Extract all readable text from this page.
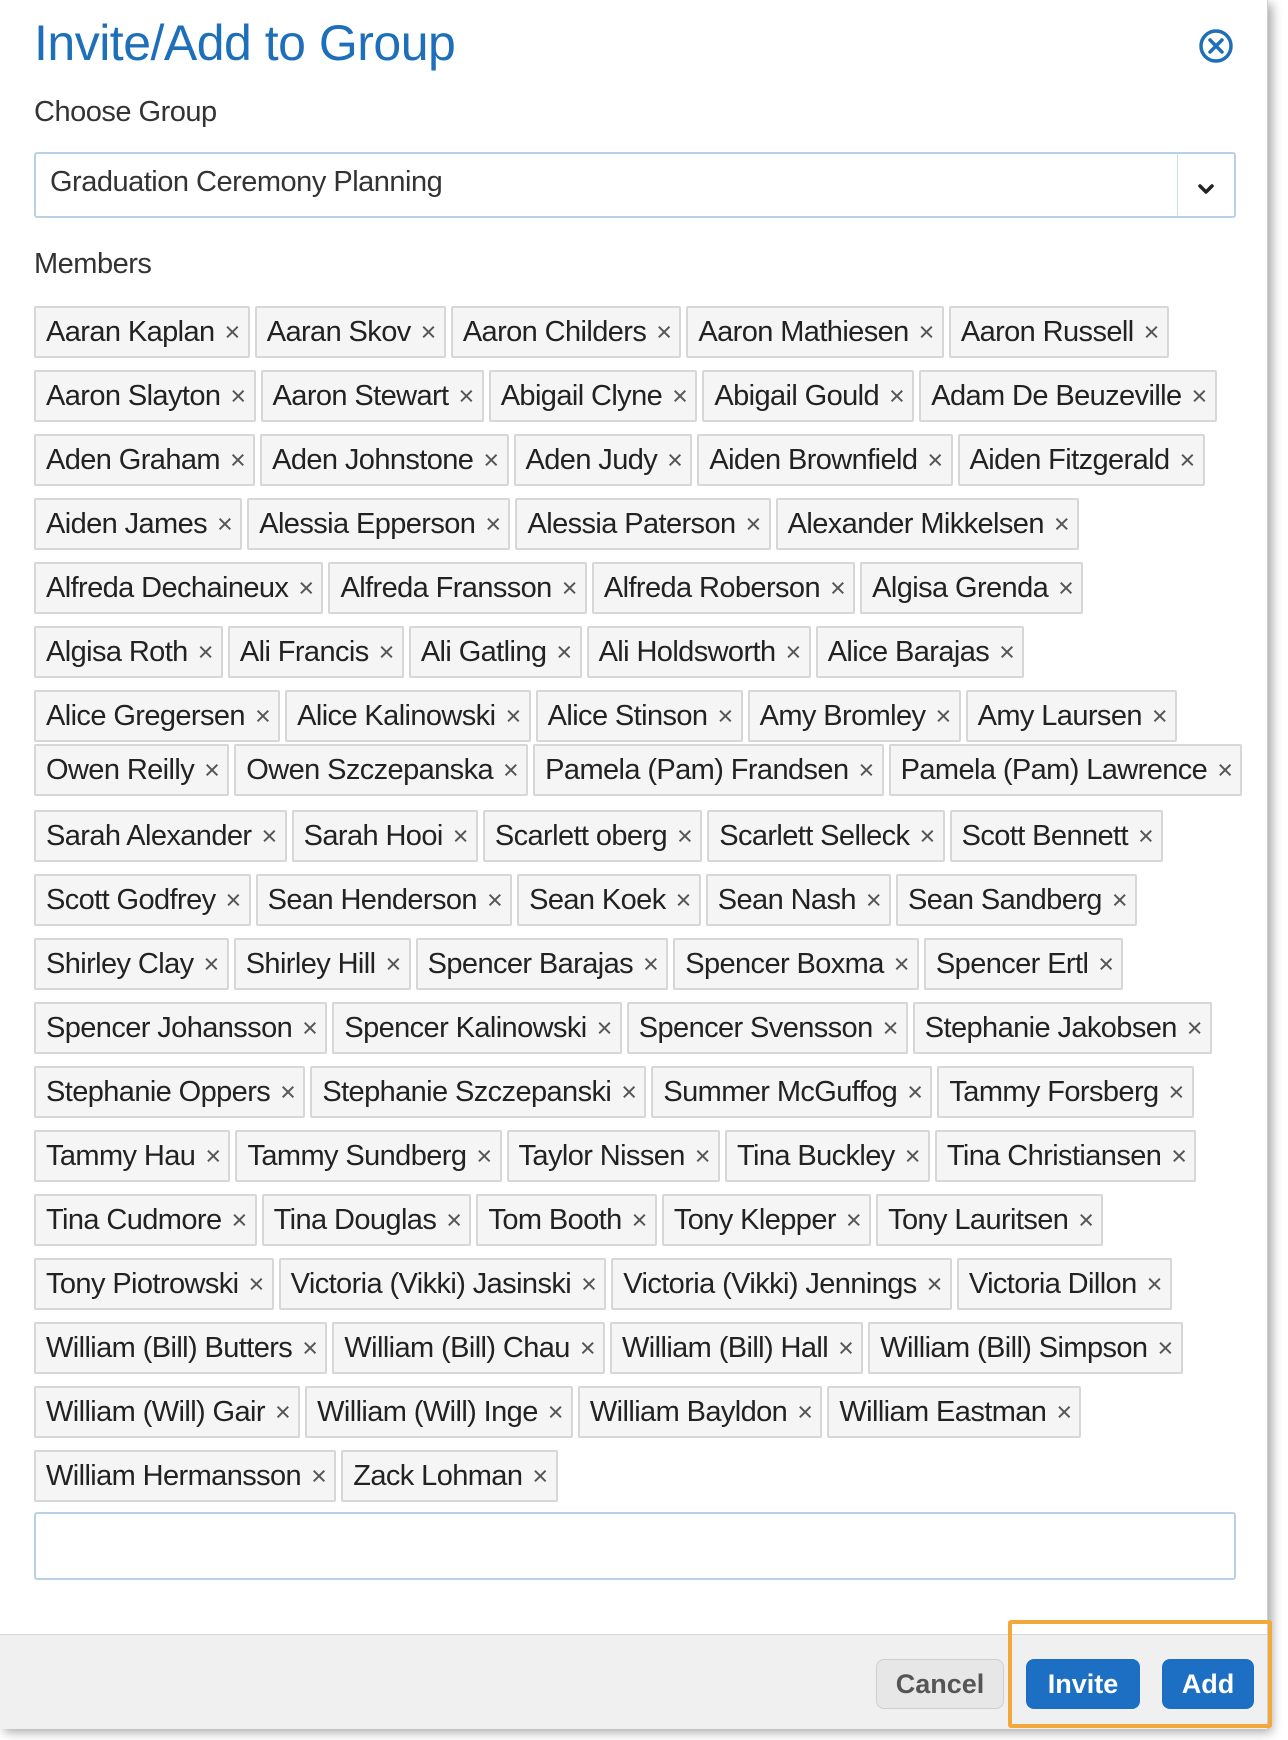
Invite/Add to Group
Choose Group
Graduation Ceremony Planning
Members
Aaran Kaplan × Aaran Skov × Aaron Childers × Aaron Mathiesen × Aaron Russell ×
Aaron Slayton × Aaron Stewart × Abigail Clyne × Abigail Gould × Adam De Beuzeville ×
Aden Graham × Aden Johnstone × Aden Judy × Aiden Brownfield × Aiden Fitzgerald ×
Aiden James × Alessia Epperson × Alessia Paterson × Alexander Mikkelsen ×
Alfreda Dechaineux × Alfreda Fransson × Alfreda Roberson × Algisa Grenda ×
Algisa Roth × Ali Francis × Ali Gatling × Ali Holdsworth × Alice Barajas ×
Alice Gregersen × Alice Kalinowski × Alice Stinson × Amy Bromley × Amy Laursen ×
Owen Reilly × Owen Szczepanska × Pamela (Pam) Frandsen × Pamela (Pam) Lawrence ×
Sarah Alexander × Sarah Hooi × Scarlett oberg × Scarlett Selleck × Scott Bennett ×
Scott Godfrey × Sean Henderson × Sean Koek × Sean Nash × Sean Sandberg ×
Shirley Clay × Shirley Hill × Spencer Barajas × Spencer Boxma × Spencer Ertl ×
Spencer Johansson × Spencer Kalinowski × Spencer Svensson × Stephanie Jakobsen ×
Stephanie Oppers × Stephanie Szczepanski × Summer McGuffog × Tammy Forsberg ×
Tammy Hau × Tammy Sundberg × Taylor Nissen × Tina Buckley × Tina Christiansen ×
Tina Cudmore × Tina Douglas × Tom Booth × Tony Klepper × Tony Lauritsen ×
Tony Piotrowski × Victoria (Vikki) Jasinski × Victoria (Vikki) Jennings × Victoria Dillon ×
William (Bill) Butters × William (Bill) Chau × William (Bill) Hall × William (Bill) Simpson ×
William (Will) Gair × William (Will) Inge × William Bayldon × William Eastman ×
William Hermansson × Zack Lohman ×
Cancel	Invite	Add
